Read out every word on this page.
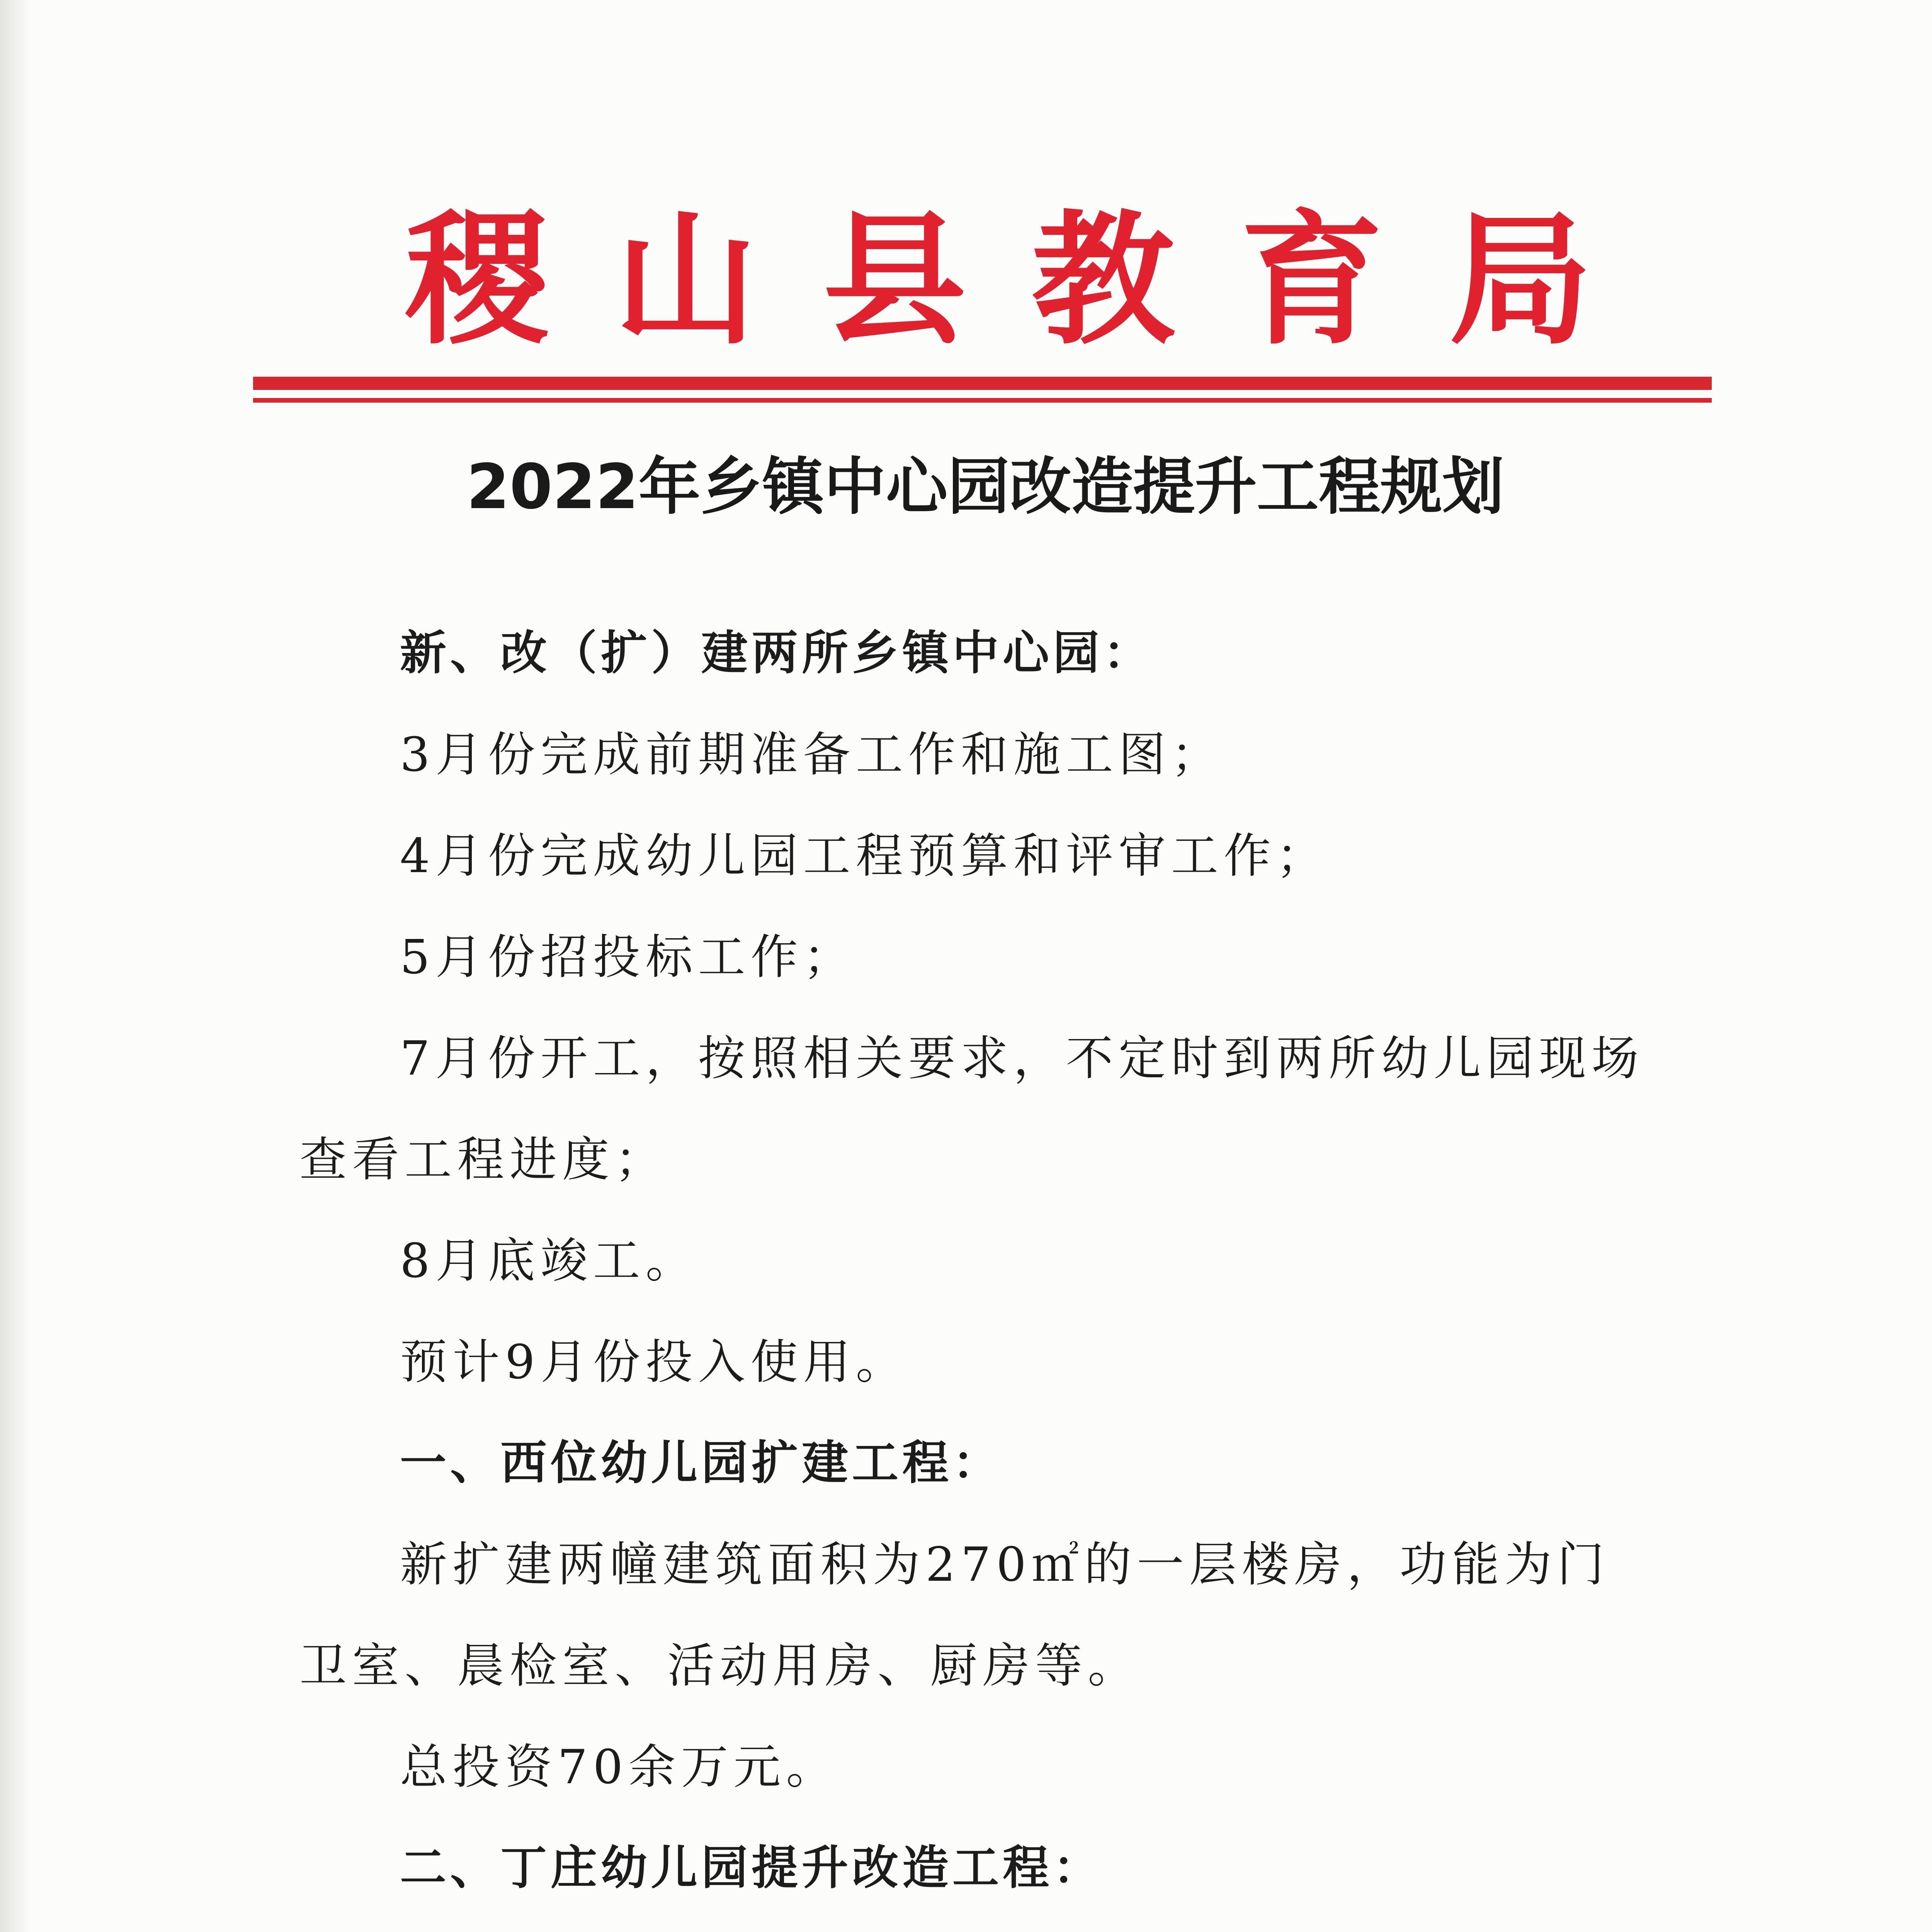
稷山县教育局
2022年乡镇中心园改造提升工程规划

新、改（扩）建两所乡镇中心园：

3月份完成前期准备工作和施工图；

4月份完成幼儿园工程预算和评审工作；

5月份招投标工作；

7月份开工，按照相关要求，不定时到两所幼儿园现场查看工程进度；

8月底竣工。

预计9月份投入使用。

一、西位幼儿园扩建工程：

新扩建两幢建筑面积为270㎡的一层楼房，功能为门卫室、晨检室、活动用房、厨房等。

总投资70余万元。

二、丁庄幼儿园提升改造工程：
